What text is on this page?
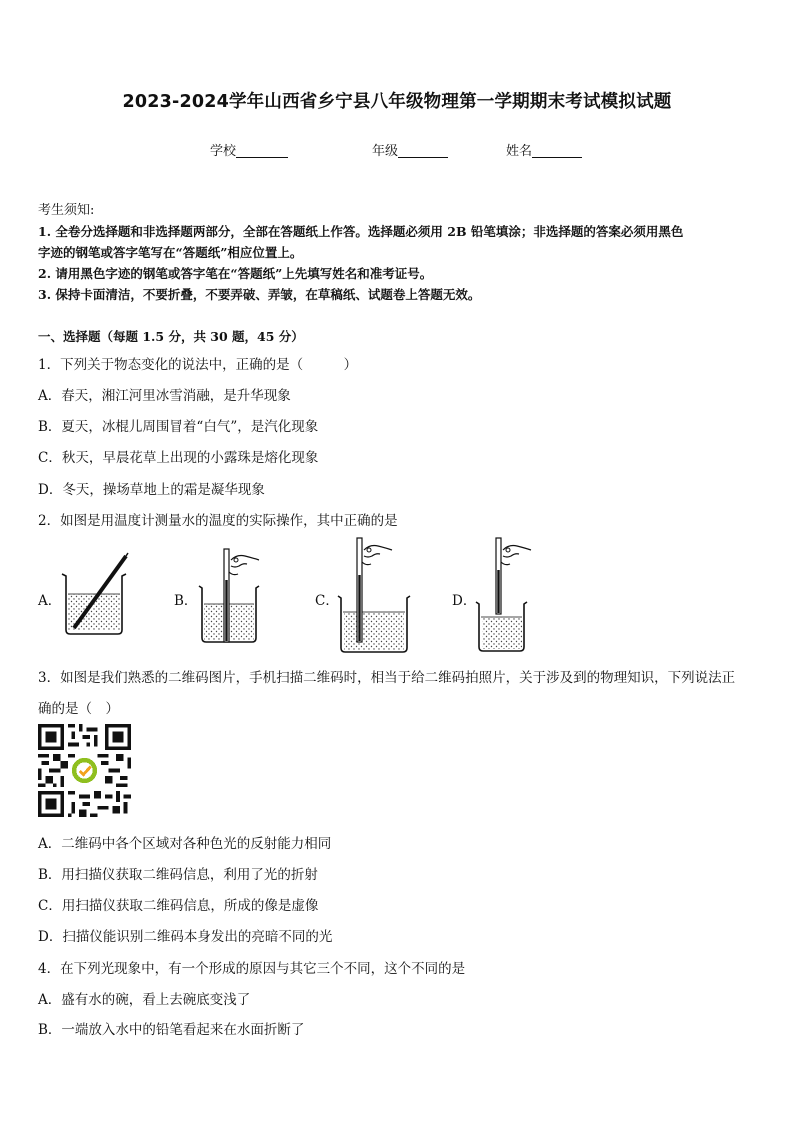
2023-2024学年山西省乡宁县八年级物理第一学期期末考试模拟试题
学校	年级	姓名
考生须知:
1. 全卷分选择题和非选择题两部分，全部在答题纸上作答。选择题必须用 2B 铅笔填涂；非选择题的答案必须用黑色
字迹的钢笔或答字笔写在“答题纸”相应位置上。
2. 请用黑色字迹的钢笔或答字笔在“答题纸”上先填写姓名和准考证号。
3. 保持卡面清洁，不要折叠，不要弄破、弄皱，在草稿纸、试题卷上答题无效。
一、选择题（每题 1.5 分，共 30 题，45 分）
1．下列关于物态变化的说法中，正确的是（　　　）
A．春天，湘江河里冰雪消融，是升华现象
B．夏天，冰棍儿周围冒着“白气”，是汽化现象
C．秋天，早晨花草上出现的小露珠是熔化现象
D．冬天，操场草地上的霜是凝华现象
2．如图是用温度计测量水的温度的实际操作，其中正确的是
A．	B．	C．	D．
3．如图是我们熟悉的二维码图片，手机扫描二维码时，相当于给二维码拍照片，关于涉及到的物理知识，下列说法正
确的是（　）
A．二维码中各个区域对各种色光的反射能力相同
B．用扫描仪获取二维码信息，利用了光的折射
C．用扫描仪获取二维码信息，所成的像是虚像
D．扫描仪能识别二维码本身发出的亮暗不同的光
4．在下列光现象中，有一个形成的原因与其它三个不同，这个不同的是
A．盛有水的碗，看上去碗底变浅了
B．一端放入水中的铅笔看起来在水面折断了
